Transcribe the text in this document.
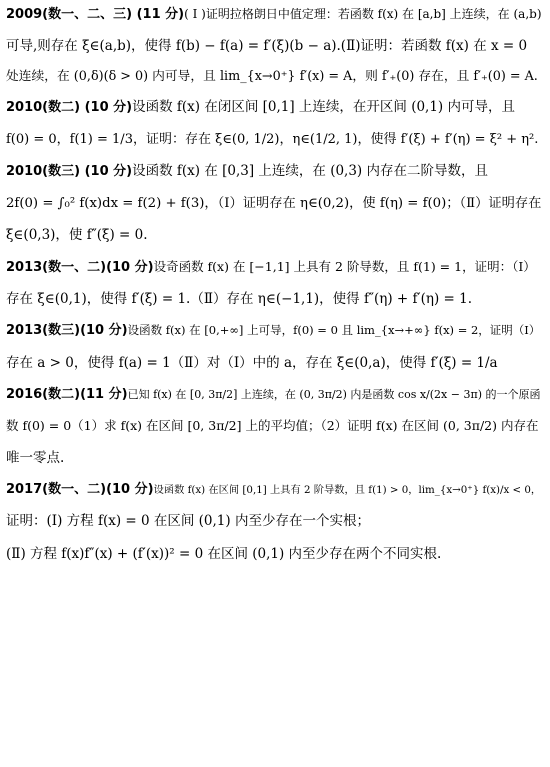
2009(数一、二、三) (11 分)( Ⅰ )证明拉格朗日中值定理：若函数 f(x) 在 [a,b] 上连续，在 (a,b)

可导,则存在 ξ∈(a,b)，使得 f(b) − f(a) = f′(ξ)(b − a).(Ⅱ)证明：若函数 f(x) 在 x = 0

处连续，在 (0,δ)(δ > 0) 内可导，且 lim_{x→0⁺} f′(x) = A，则 f′₊(0) 存在，且 f′₊(0) = A.

2010(数二) (10 分)设函数 f(x) 在闭区间 [0,1] 上连续，在开区间 (0,1) 内可导，且

f(0) = 0，f(1) = 1/3，证明：存在 ξ∈(0, 1/2)，η∈(1/2, 1)，使得 f′(ξ) + f′(η) = ξ² + η².

2010(数三) (10 分)设函数 f(x) 在 [0,3] 上连续，在 (0,3) 内存在二阶导数，且

2f(0) = ∫₀² f(x)dx = f(2) + f(3)，（Ⅰ）证明存在 η∈(0,2)，使 f(η) = f(0)；（Ⅱ）证明存在

ξ∈(0,3)，使 f″(ξ) = 0.

2013(数一、二)(10 分)设奇函数 f(x) 在 [−1,1] 上具有 2 阶导数，且 f(1) = 1，证明：（Ⅰ）

存在 ξ∈(0,1)，使得 f′(ξ) = 1.（Ⅱ）存在 η∈(−1,1)，使得 f″(η) + f′(η) = 1.

2013(数三)(10 分)设函数 f(x) 在 [0,+∞] 上可导，f(0) = 0 且 lim_{x→+∞} f(x) = 2，证明（Ⅰ）

存在 a > 0，使得 f(a) = 1（Ⅱ）对（Ⅰ）中的 a，存在 ξ∈(0,a)，使得 f′(ξ) = 1/a

2016(数二)(11 分)已知 f(x) 在 [0, 3π/2] 上连续，在 (0, 3π/2) 内是函数 cos x/(2x − 3π) 的一个原函

数 f(0) = 0（1）求 f(x) 在区间 [0, 3π/2] 上的平均值；（2）证明 f(x) 在区间 (0, 3π/2) 内存在

唯一零点.

2017(数一、二)(10 分)设函数 f(x) 在区间 [0,1] 上具有 2 阶导数，且 f(1) > 0，lim_{x→0⁺} f(x)/x < 0，

证明：(Ⅰ) 方程 f(x) = 0 在区间 (0,1) 内至少存在一个实根；

(Ⅱ) 方程 f(x)f″(x) + (f′(x))² = 0 在区间 (0,1) 内至少存在两个不同实根.
